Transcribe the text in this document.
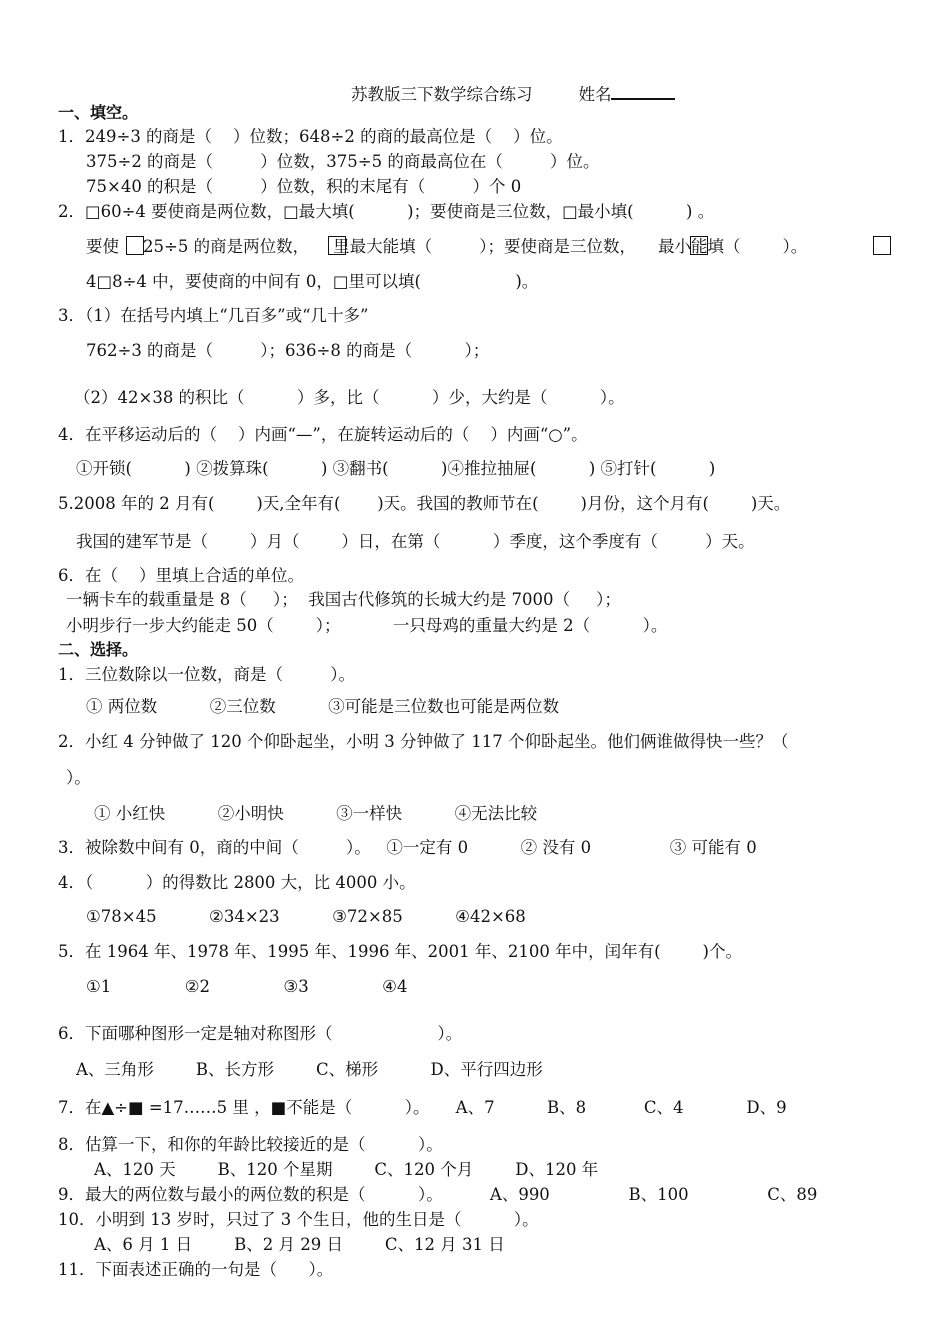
苏教版三下数学综合练习	姓名

一、填空。
1．249÷3 的商是（    ）位数；648÷2 的商的最高位是（    ）位。
375÷2 的商是（         ）位数，375÷5 的商最高位在（         ）位。
75×40 的积是（         ）位数，积的末尾有（         ）个 0
2．□60÷4 要使商是两位数，□最大填(          )；要使商是三位数，□最小填(          ) 。
要使 25÷5 的商是两位数， 里最大能填（         ）；要使商是三位数， 最小能填（        ）。
4□8÷4 中，要使商的中间有 0，□里可以填(                  )。
3．（1）在括号内填上“几百多”或“几十多”
762÷3 的商是（         ）；636÷8 的商是（          ）；
（2）42×38 的积比（          ）多，比（          ）少，大约是（          ）。
4．在平移运动后的（    ）内画“—”，在旋转运动后的（    ）内画“○”。
①开锁(          ) ②拨算珠(          ) ③翻书(          )④推拉抽屉(          ) ⑤打针(          )
5.2008 年的 2 月有(        )天,全年有(       )天。我国的教师节在(        )月份，这个月有(        )天。
我国的建军节是（        ）月（        ）日，在第（          ）季度，这个季度有（         ）天。
6．在（    ）里填上合适的单位。
一辆卡车的载重量是 8（     ）；  我国古代修筑的长城大约是 7000（     ）；
小明步行一步大约能走 50（        ）；          一只母鸡的重量大约是 2（          ）。
二、选择。
1．三位数除以一位数，商是（         ）。
① 两位数          ②三位数          ③可能是三位数也可能是两位数
2．小红 4 分钟做了 120 个仰卧起坐，小明 3 分钟做了 117 个仰卧起坐。他们俩谁做得快一些？（
）。
① 小红快          ②小明快          ③一样快          ④无法比较
3．被除数中间有 0，商的中间（         ）。   ①一定有 0          ② 没有 0               ③ 可能有 0
4．（          ）的得数比 2800 大，比 4000 小。
①78×45          ②34×23          ③72×85          ④42×68
5．在 1964 年、1978 年、1995 年、1996 年、2001 年、2100 年中，闰年有(        )个。
①1              ②2              ③3              ④4
6．下面哪种图形一定是轴对称图形（                    ）。
A、三角形        B、长方形        C、梯形          D、平行四边形
7．在▲÷■ =17……5 里 ，■不能是（          ）。     A、7          B、8           C、4            D、9
8．估算一下，和你的年龄比较接近的是（          ）。
A、120 天        B、120 个星期        C、120 个月        D、120 年
9．最大的两位数与最小的两位数的积是（          ）。         A、990               B、100               C、89
10．小明到 13 岁时，只过了 3 个生日，他的生日是（          ）。
A、6 月 1 日        B、2 月 29 日        C、12 月 31 日
11．下面表述正确的一句是（      ）。
